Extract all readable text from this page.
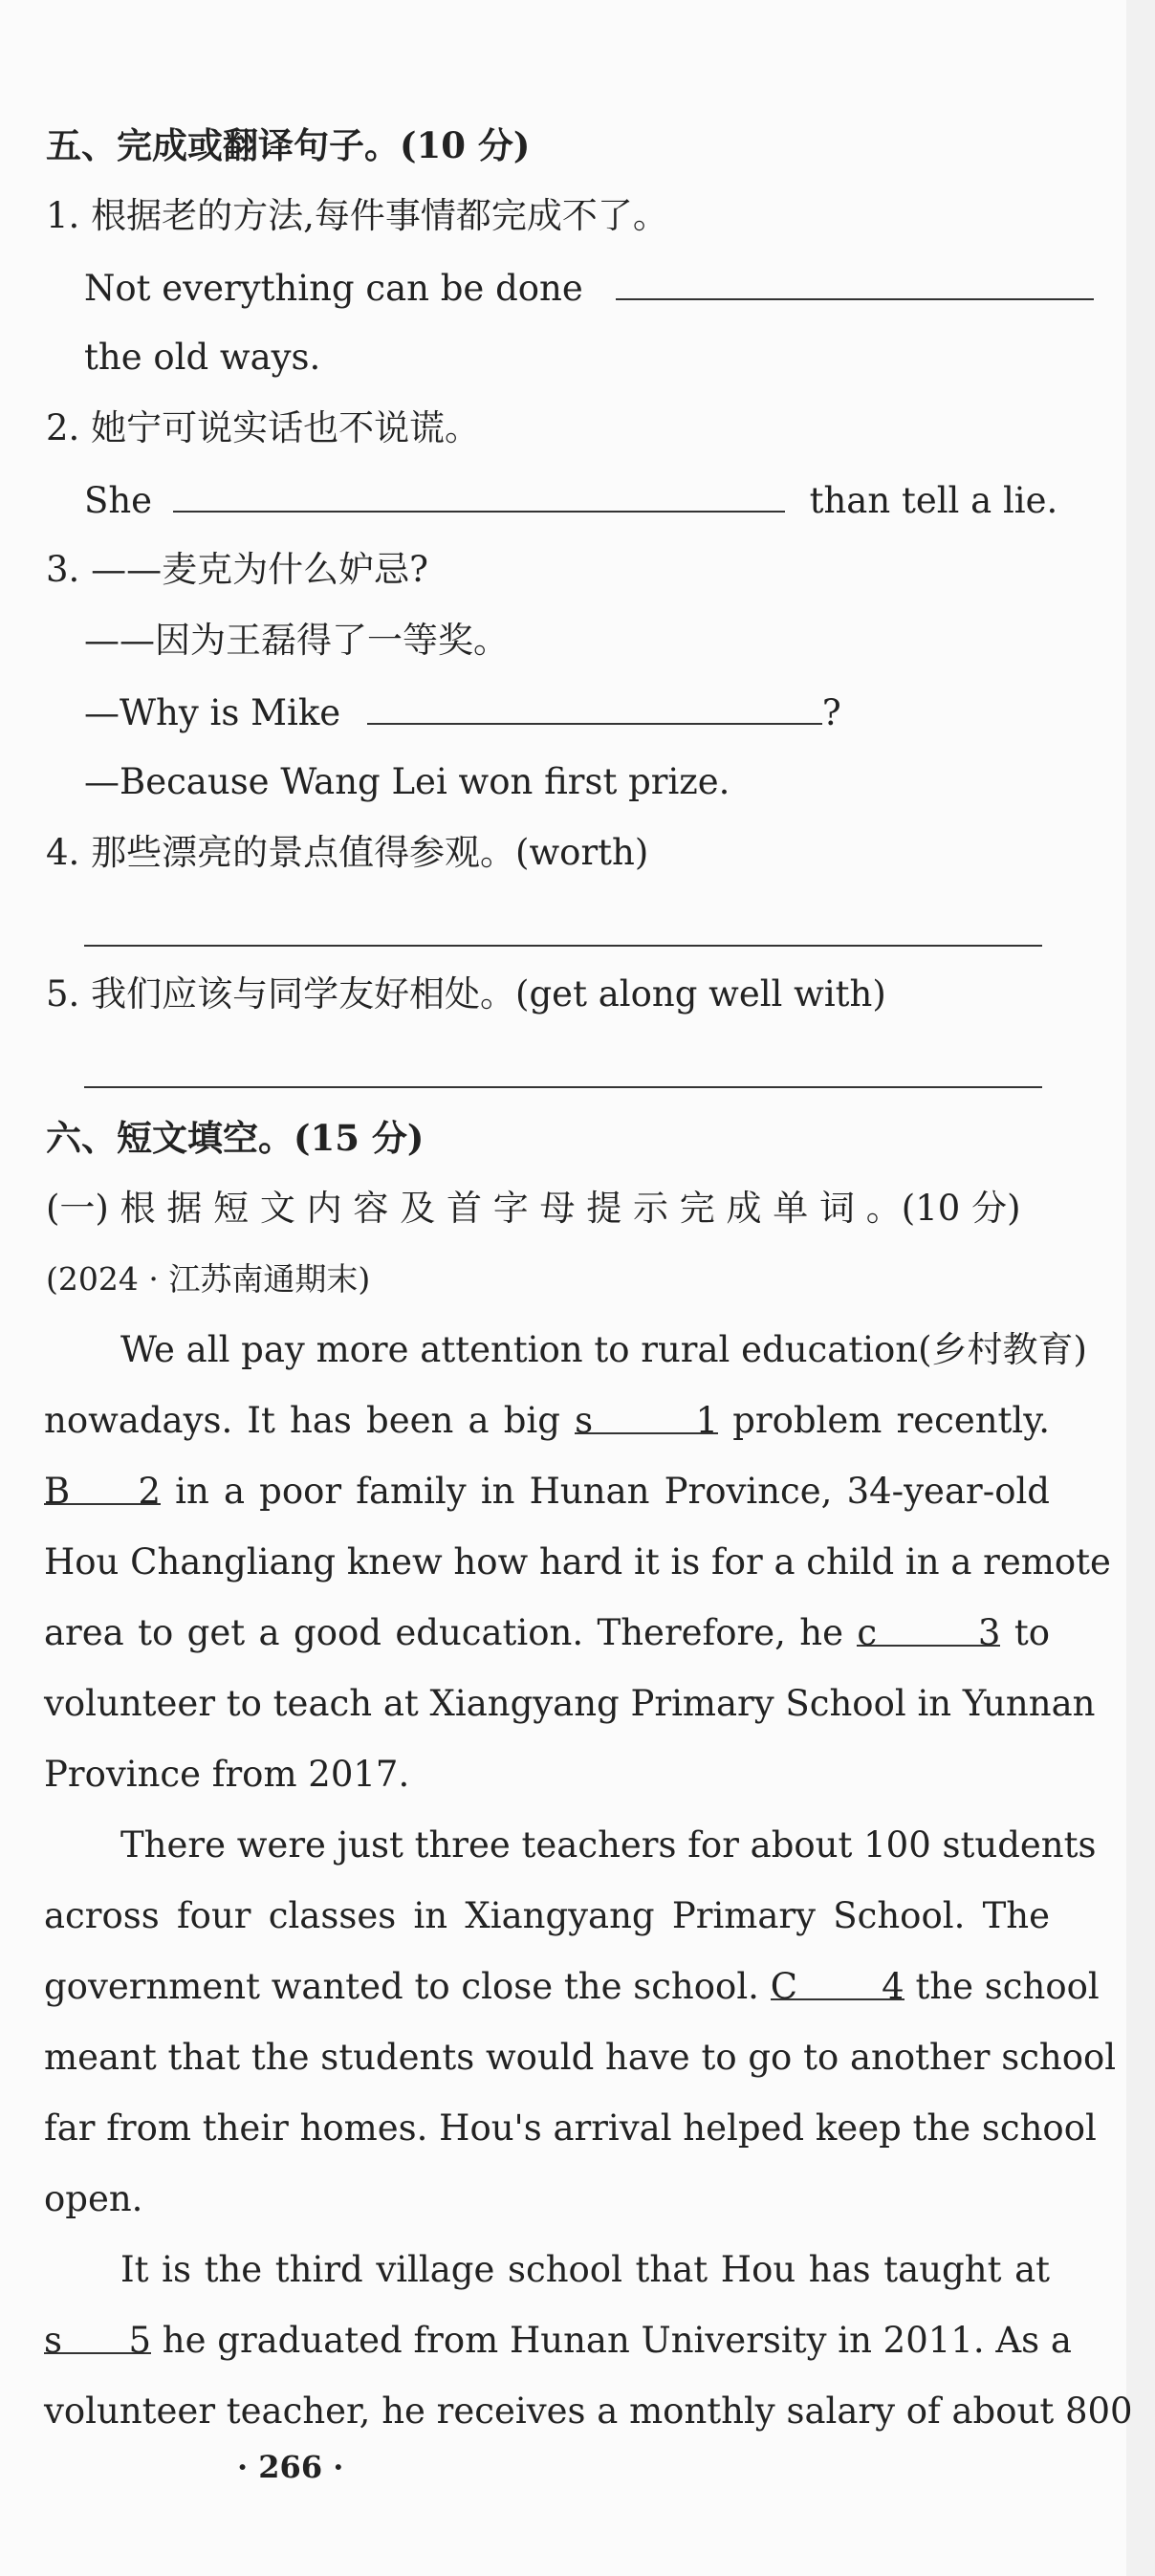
五、完成或翻译句子。(10 分)
1. 根据老的方法,每件事情都完成不了。
Not everything can be done
the old ways.
2. 她宁可说实话也不说谎。
She	than tell a lie.
3. ——麦克为什么妒忌?
——因为王磊得了一等奖。
—Why is Mike	?
—Because Wang Lei won first prize.
4. 那些漂亮的景点值得参观。(worth)
5. 我们应该与同学友好相处。(get along well with)
六、短文填空。(15 分)
(一) 根 据 短 文 内 容 及 首 字 母 提 示 完 成 单 词 。(10 分)
(2024 · 江苏南通期末)
We all pay more attention to rural education(乡村教育)
nowadays. It has been a big s　1 problem recently.
B　2 in a poor family in Hunan Province, 34-year-old
Hou Changliang knew how hard it is for a child in a remote
area to get a good education. Therefore, he c　3 to
volunteer to teach at Xiangyang Primary School in Yunnan
Province from 2017.
There were just three teachers for about 100 students
across four classes in Xiangyang Primary School. The
government wanted to close the school. C　4 the school
meant that the students would have to go to another school
far from their homes. Hou's arrival helped keep the school
open.
It is the third village school that Hou has taught at
s　5 he graduated from Hunan University in 2011. As a
volunteer teacher, he receives a monthly salary of about 800
· 266 ·
